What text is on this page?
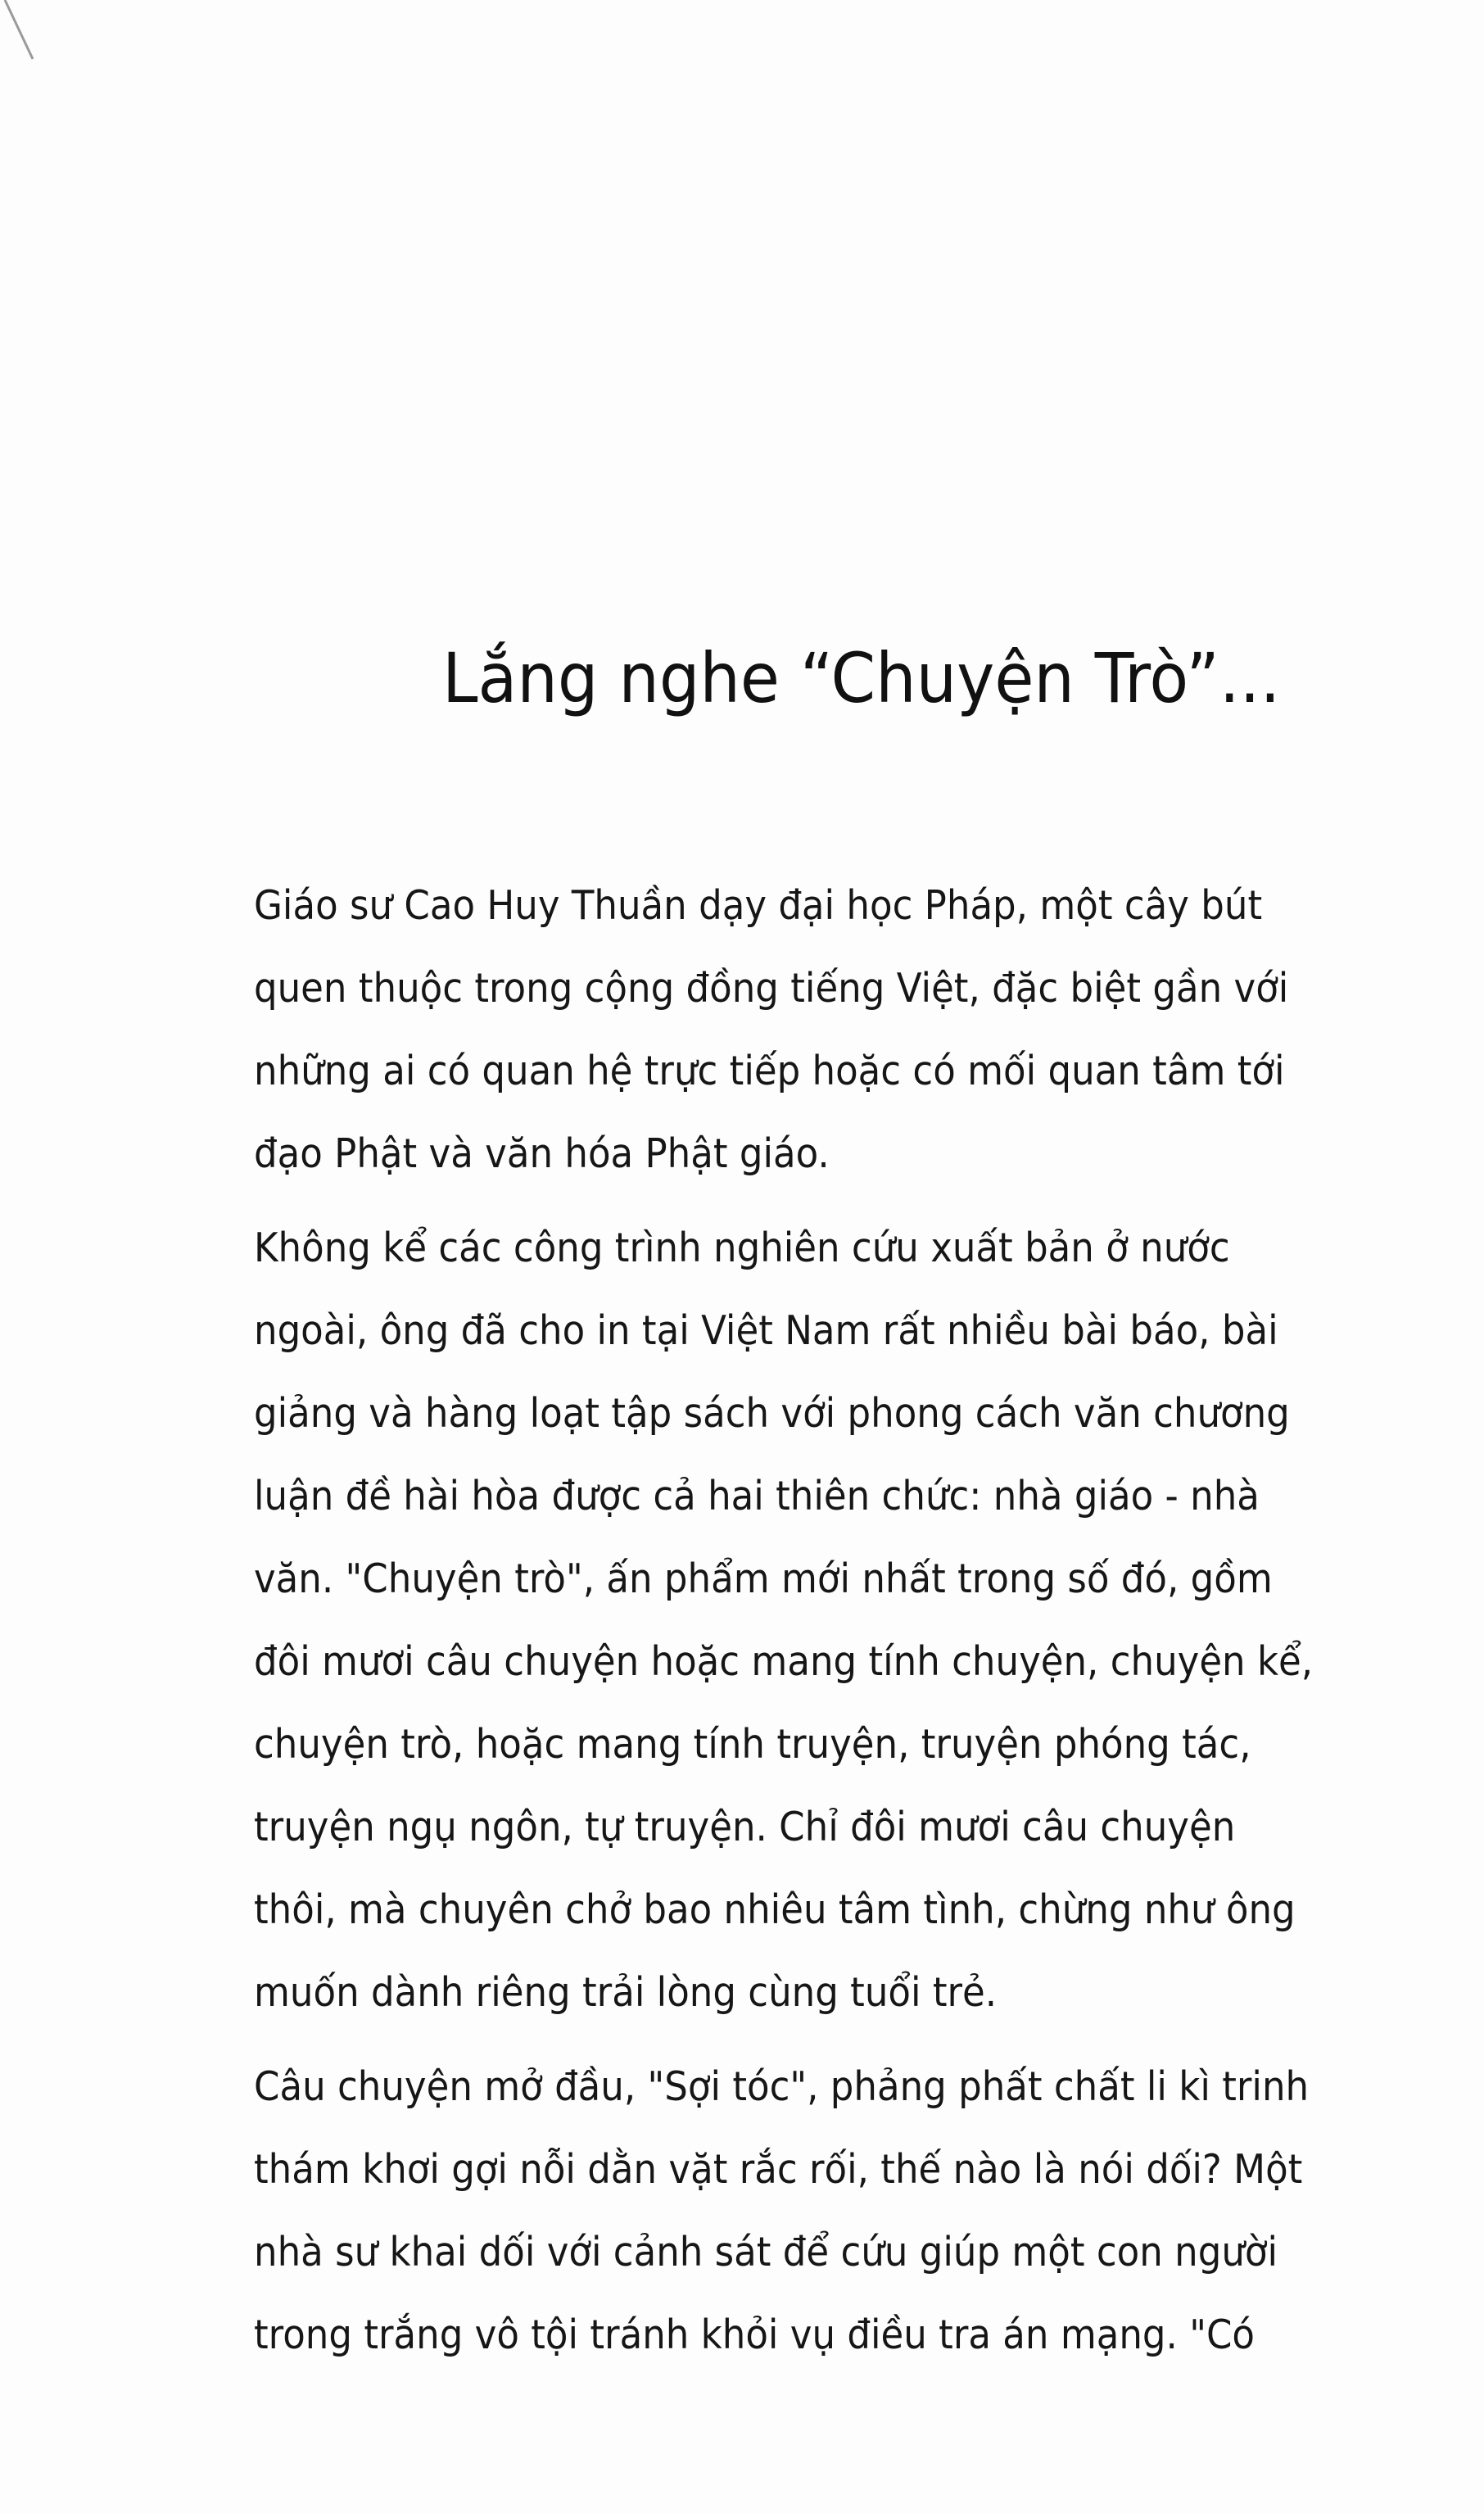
Lắng nghe “Chuyện Trò”...
Giáo sư Cao Huy Thuần dạy đại học Pháp, một cây bút
quen thuộc trong cộng đồng tiếng Việt, đặc biệt gần với
những ai có quan hệ trực tiếp hoặc có mối quan tâm tới
đạo Phật và văn hóa Phật giáo.
Không kể các công trình nghiên cứu xuất bản ở nước
ngoài, ông đã cho in tại Việt Nam rất nhiều bài báo, bài
giảng và hàng loạt tập sách với phong cách văn chương
luận đề hài hòa được cả hai thiên chức: nhà giáo - nhà
văn. "Chuyện trò", ấn phẩm mới nhất trong số đó, gồm
đôi mươi câu chuyện hoặc mang tính chuyện, chuyện kể,
chuyện trò, hoặc mang tính truyện, truyện phóng tác,
truyện ngụ ngôn, tự truyện. Chỉ đôi mươi câu chuyện
thôi, mà chuyên chở bao nhiêu tâm tình, chừng như ông
muốn dành riêng trải lòng cùng tuổi trẻ.
Câu chuyện mở đầu, "Sợi tóc", phảng phất chất li kì trinh
thám khơi gợi nỗi dằn vặt rắc rối, thế nào là nói dối? Một
nhà sư khai dối với cảnh sát để cứu giúp một con người
trong trắng vô tội tránh khỏi vụ điều tra án mạng. "Có
